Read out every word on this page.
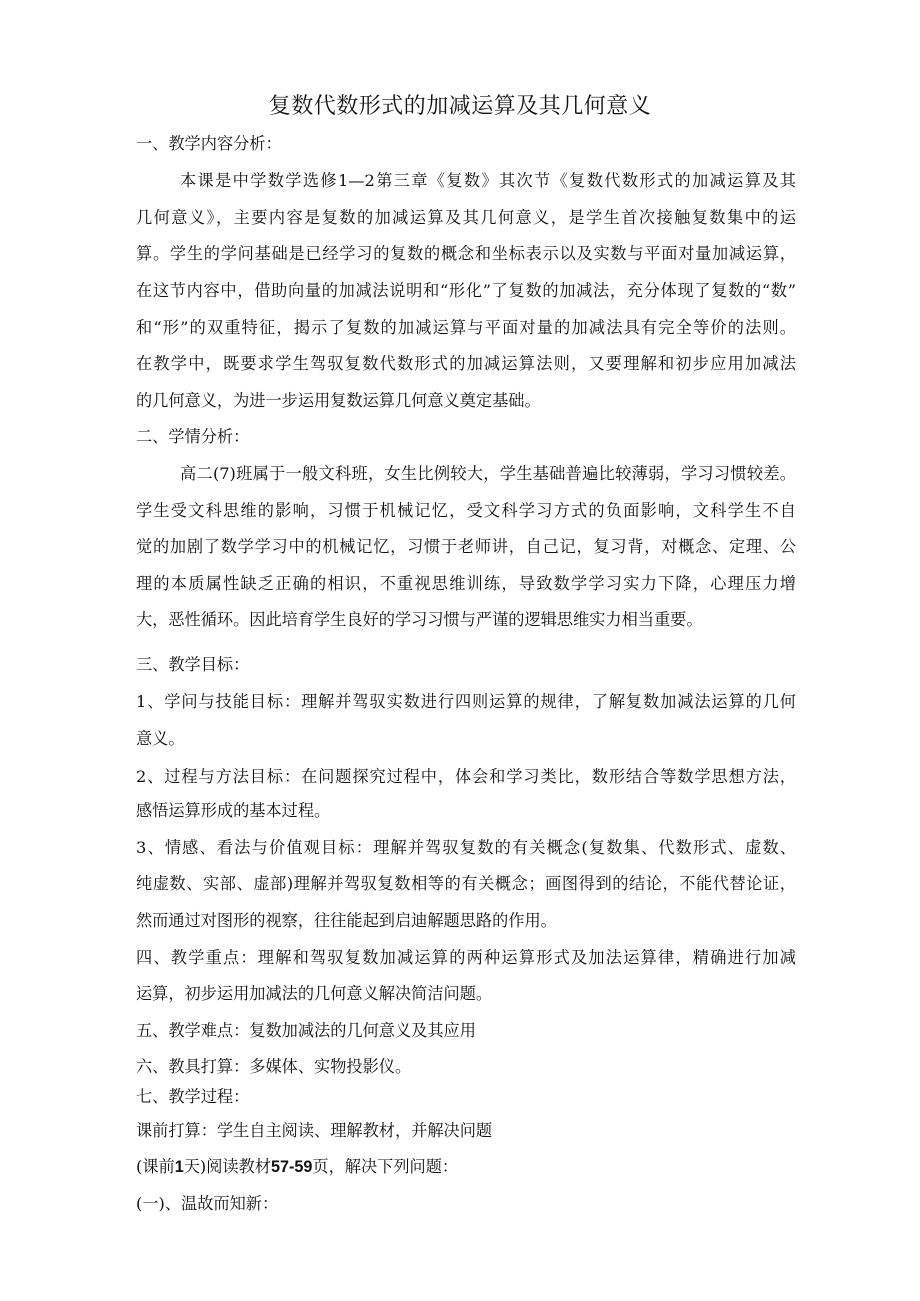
复数代数形式的加减运算及其几何意义
一、教学内容分析：
本课是中学数学选修1—2第三章《复数》其次节《复数代数形式的加减运算及其
几何意义》，主要内容是复数的加减运算及其几何意义，是学生首次接触复数集中的运
算。学生的学问基础是已经学习的复数的概念和坐标表示以及实数与平面对量加减运算，
在这节内容中，借助向量的加减法说明和“形化”了复数的加减法，充分体现了复数的“数”
和“形”的双重特征，揭示了复数的加减运算与平面对量的加减法具有完全等价的法则。
在教学中，既要求学生驾驭复数代数形式的加减运算法则，又要理解和初步应用加减法
的几何意义，为进一步运用复数运算几何意义奠定基础。
二、学情分析：
高二(7)班属于一般文科班，女生比例较大，学生基础普遍比较薄弱，学习习惯较差。
学生受文科思维的影响，习惯于机械记忆，受文科学习方式的负面影响，文科学生不自
觉的加剧了数学学习中的机械记忆，习惯于老师讲，自己记，复习背，对概念、定理、公
理的本质属性缺乏正确的相识，不重视思维训练，导致数学学习实力下降，心理压力增
大，恶性循环。因此培育学生良好的学习习惯与严谨的逻辑思维实力相当重要。
三、教学目标：
1、学问与技能目标：理解并驾驭实数进行四则运算的规律，了解复数加减法运算的几何
意义。
2、过程与方法目标：在问题探究过程中，体会和学习类比，数形结合等数学思想方法，
感悟运算形成的基本过程。
3、情感、看法与价值观目标：理解并驾驭复数的有关概念(复数集、代数形式、虚数、
纯虚数、实部、虚部)理解并驾驭复数相等的有关概念；画图得到的结论，不能代替论证，
然而通过对图形的视察，往往能起到启迪解题思路的作用。
四、教学重点：理解和驾驭复数加减运算的两种运算形式及加法运算律，精确进行加减
运算，初步运用加减法的几何意义解决简洁问题。
五、教学难点：复数加减法的几何意义及其应用
六、教具打算：多媒体、实物投影仪。
七、教学过程：
课前打算：学生自主阅读、理解教材，并解决问题
(课前1天)阅读教材57-59页，解决下列问题：
(一)、温故而知新：
